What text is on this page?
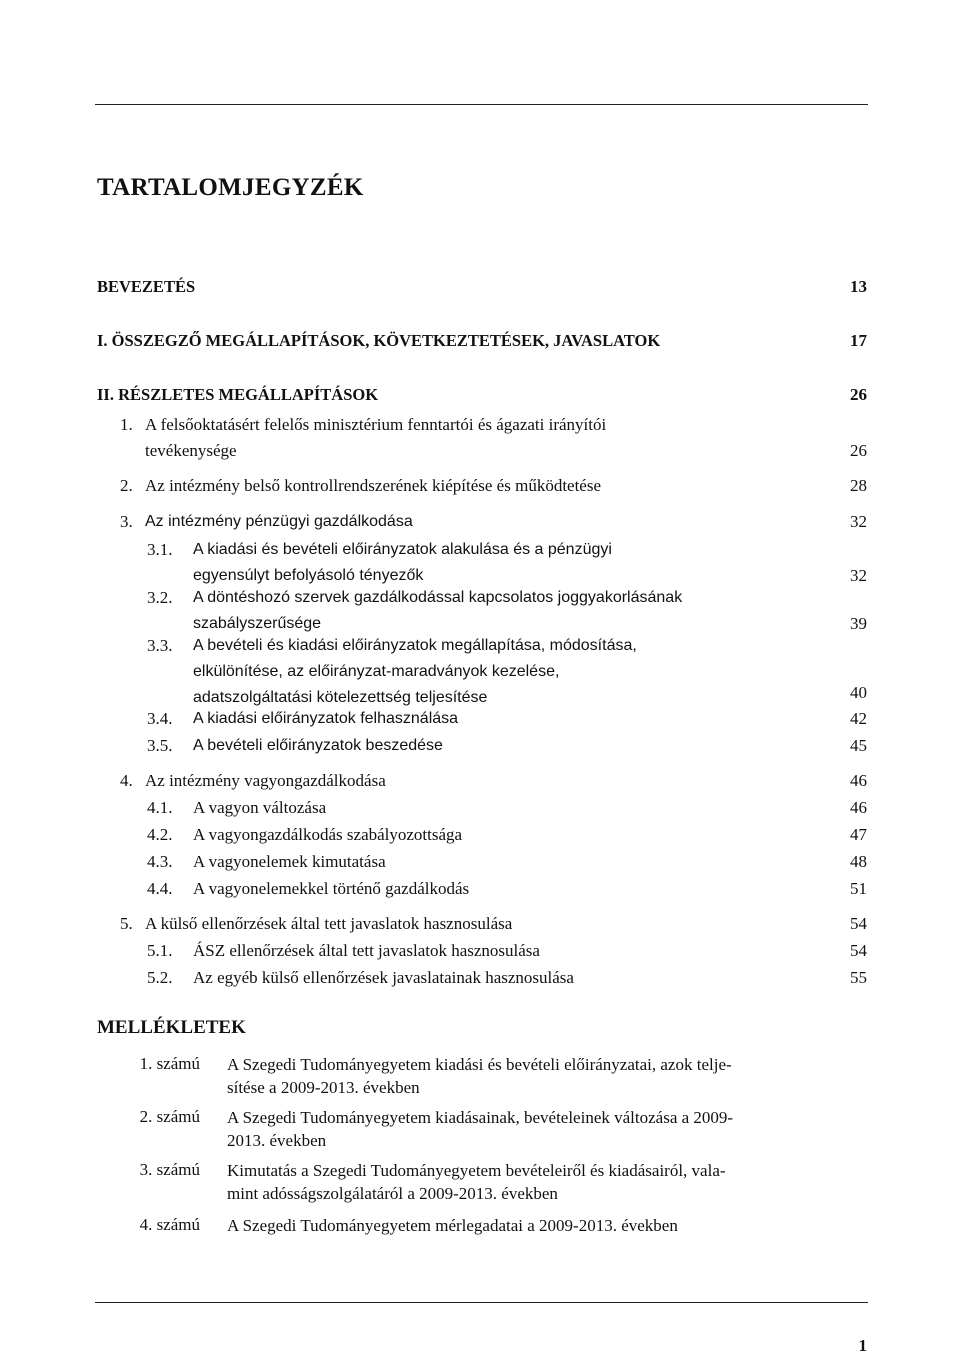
TARTALOMJEGYZÉK
BEVEZETÉS	13
I. ÖSSZEGZŐ MEGÁLLAPÍTÁSOK, KÖVETKEZTETÉSEK, JAVASLATOK	17
II. RÉSZLETES MEGÁLLAPÍTÁSOK	26
1. A felsőoktatásért felelős minisztérium fenntartói és ágazati irányítói
tevékenysége	26
2. Az intézmény belső kontrollrendszerének kiépítése és működtetése	28
3. Az intézmény pénzügyi gazdálkodása	32
3.1. A kiadási és bevételi előirányzatok alakulása és a pénzügyi
egyensúlyt befolyásoló tényezők	32
3.2. A döntéshozó szervek gazdálkodással kapcsolatos joggyakorlásának
szabályszerűsége	39
3.3. A bevételi és kiadási előirányzatok megállapítása, módosítása,
elkülönítése, az előirányzat-maradványok kezelése,
adatszolgáltatási kötelezettség teljesítése	40
3.4. A kiadási előirányzatok felhasználása	42
3.5. A bevételi előirányzatok beszedése	45
4. Az intézmény vagyongazdálkodása	46
4.1. A vagyon változása	46
4.2. A vagyongazdálkodás szabályozottsága	47
4.3. A vagyonelemek kimutatása	48
4.4. A vagyonelemekkel történő gazdálkodás	51
5. A külső ellenőrzések által tett javaslatok hasznosulása	54
5.1. ÁSZ ellenőrzések által tett javaslatok hasznosulása	54
5.2. Az egyéb külső ellenőrzések javaslatainak hasznosulása	55
MELLÉKLETEK
1. számú A Szegedi Tudományegyetem kiadási és bevételi előirányzatai, azok telje-
sítése a 2009-2013. években
2. számú A Szegedi Tudományegyetem kiadásainak, bevételeinek változása a 2009-
2013. években
3. számú Kimutatás a Szegedi Tudományegyetem bevételeiről és kiadásairól, vala-
mint adósságszolgálatáról a 2009-2013. években
4. számú A Szegedi Tudományegyetem mérlegadatai a 2009-2013. években
1
